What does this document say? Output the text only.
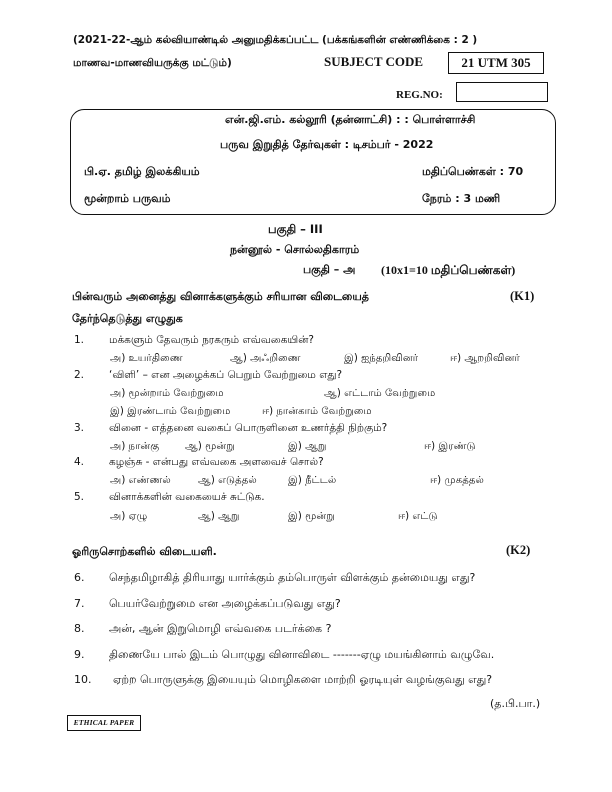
(2021-22-ஆம் கல்வியாண்டில் அனுமதிக்கப்பட்ட (பக்கங்களின் எண்ணிக்கை : 2 )
மாணவ-மாணவியருக்கு மட்டும்)	SUBJECT CODE	21 UTM 305
REG.NO:
என்.ஜி.எம். கல்லூரி (தன்னாட்சி) : : பொள்ளாச்சி
பருவ இறுதித் தேர்வுகள் : டிசம்பர் - 2022
பி.ஏ. தமிழ் இலக்கியம்	மதிப்பெண்கள் : 70
மூன்றாம் பருவம்	நேரம் : 3 மணி
பகுதி – III
நன்னூல் - சொல்லதிகாரம்
பகுதி – அ (10x1=10 மதிப்பெண்கள்)
பின்வரும் அனைத்து வினாக்களுக்கும் சரியான விடையைத்	(K1)
தேர்ந்தெடுத்து எழுதுக
1. மக்களும் தேவரும் நரகரும் எவ்வகையின்?
அ) உயர்திணை	ஆ) அஃறிணை	இ) ஐந்தறிவினர்	ஈ) ஆறறிவினர்
2. ‘விளி’ – என அழைக்கப் பெறும் வேற்றுமை எது?
அ) மூன்றாம் வேற்றுமை	ஆ) எட்டாம் வேற்றுமை
இ) இரண்டாம் வேற்றுமை	ஈ) நான்காம் வேற்றுமை
3. வினை - எத்தனை வகைப் பொருளினை உணர்த்தி நிற்கும்?
அ) நான்கு	ஆ) மூன்று	இ) ஆறு	ஈ) இரண்டு
4. கழஞ்சு - என்பது எவ்வகை அளவைச் சொல்?
அ) எண்ணல்	ஆ) எடுத்தல்	இ) நீட்டல்	ஈ) முகத்தல்
5. வினாக்களின் வகையைச் சுட்டுக.
அ) ஏழு	ஆ) ஆறு	இ) மூன்று	ஈ) எட்டு
ஓரிருசொற்களில் விடையளி.	(K2)
6. செந்தமிழாகித் திரியாது யார்க்கும் தம்பொருள் விளக்கும் தன்மையது எது?
7. பெயர்வேற்றுமை என அழைக்கப்படுவது எது?
8. அன், ஆன் இறுமொழி எவ்வகை படர்க்கை ?
9. திணையே பால் இடம் பொழுது வினாவிடை -------ஏழு மயங்கினாம் வழுவே.
10. ஏற்ற பொருளுக்கு இயையும் மொழிகளை மாற்றி ஓரடியுள் வழங்குவது எது?
(த.பி.பா.)
ETHICAL PAPER
